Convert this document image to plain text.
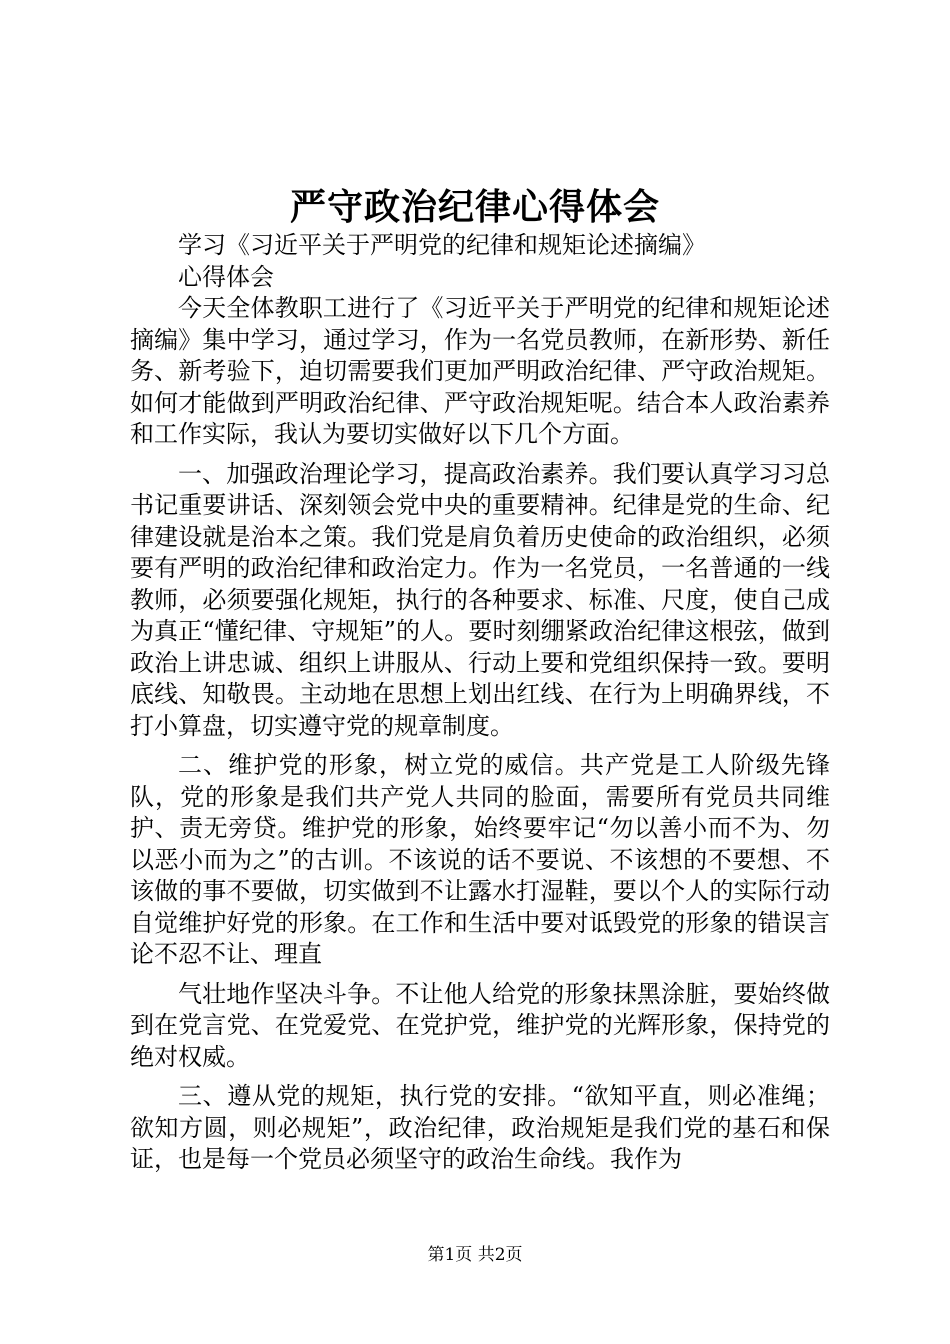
严守政治纪律心得体会

学习《习近平关于严明党的纪律和规矩论述摘编》

心得体会

今天全体教职工进行了《习近平关于严明党的纪律和规矩论述摘编》集中学习，通过学习，作为一名党员教师，在新形势、新任务、新考验下，迫切需要我们更加严明政治纪律、严守政治规矩。如何才能做到严明政治纪律、严守政治规矩呢。结合本人政治素养和工作实际，我认为要切实做好以下几个方面。

一、加强政治理论学习，提高政治素养。我们要认真学习习总书记重要讲话、深刻领会党中央的重要精神。纪律是党的生命、纪律建设就是治本之策。我们党是肩负着历史使命的政治组织，必须要有严明的政治纪律和政治定力。作为一名党员，一名普通的一线教师，必须要强化规矩，执行的各种要求、标准、尺度，使自己成为真正“懂纪律、守规矩”的人。要时刻绷紧政治纪律这根弦，做到政治上讲忠诚、组织上讲服从、行动上要和党组织保持一致。要明底线、知敬畏。主动地在思想上划出红线、在行为上明确界线，不打小算盘，切实遵守党的规章制度。

二、维护党的形象，树立党的威信。共产党是工人阶级先锋队，党的形象是我们共产党人共同的脸面，需要所有党员共同维护、责无旁贷。维护党的形象，始终要牢记“勿以善小而不为、勿以恶小而为之”的古训。不该说的话不要说、不该想的不要想、不该做的事不要做，切实做到不让露水打湿鞋，要以个人的实际行动自觉维护好党的形象。在工作和生活中要对诋毁党的形象的错误言论不忍不让、理直

气壮地作坚决斗争。不让他人给党的形象抹黑涂脏，要始终做到在党言党、在党爱党、在党护党，维护党的光辉形象，保持党的绝对权威。

三、遵从党的规矩，执行党的安排。“欲知平直，则必准绳；欲知方圆，则必规矩”，政治纪律，政治规矩是我们党的基石和保证，也是每一个党员必须坚守的政治生命线。我作为

第1页 共2页
